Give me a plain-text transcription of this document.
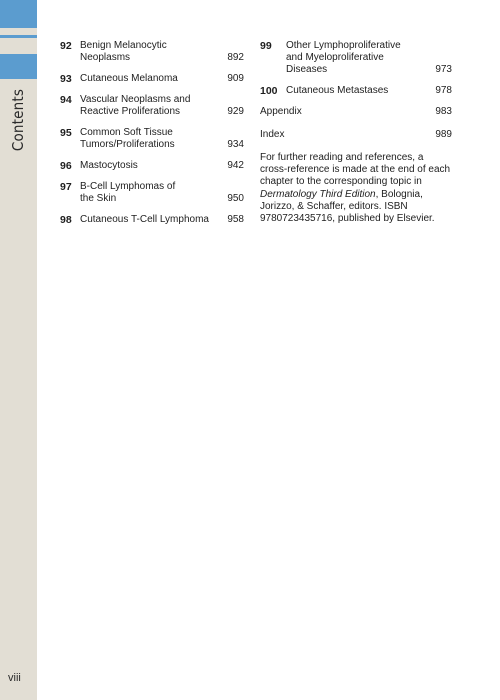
Contents
viii
92 Benign Melanocytic Neoplasms	892
93 Cutaneous Melanoma	909
94 Vascular Neoplasms and Reactive Proliferations	929
95 Common Soft Tissue Tumors/Proliferations	934
96 Mastocytosis	942
97 B-Cell Lymphomas of the Skin	950
98 Cutaneous T-Cell Lymphoma	958
99 Other Lymphoproliferative and Myeloproliferative Diseases	973
100 Cutaneous Metastases	978
Appendix	983
Index	989
For further reading and references, a cross-reference is made at the end of each chapter to the corresponding topic in Dermatology Third Edition, Bolognia, Jorizzo, & Schaffer, editors. ISBN 9780723435716, published by Elsevier.
